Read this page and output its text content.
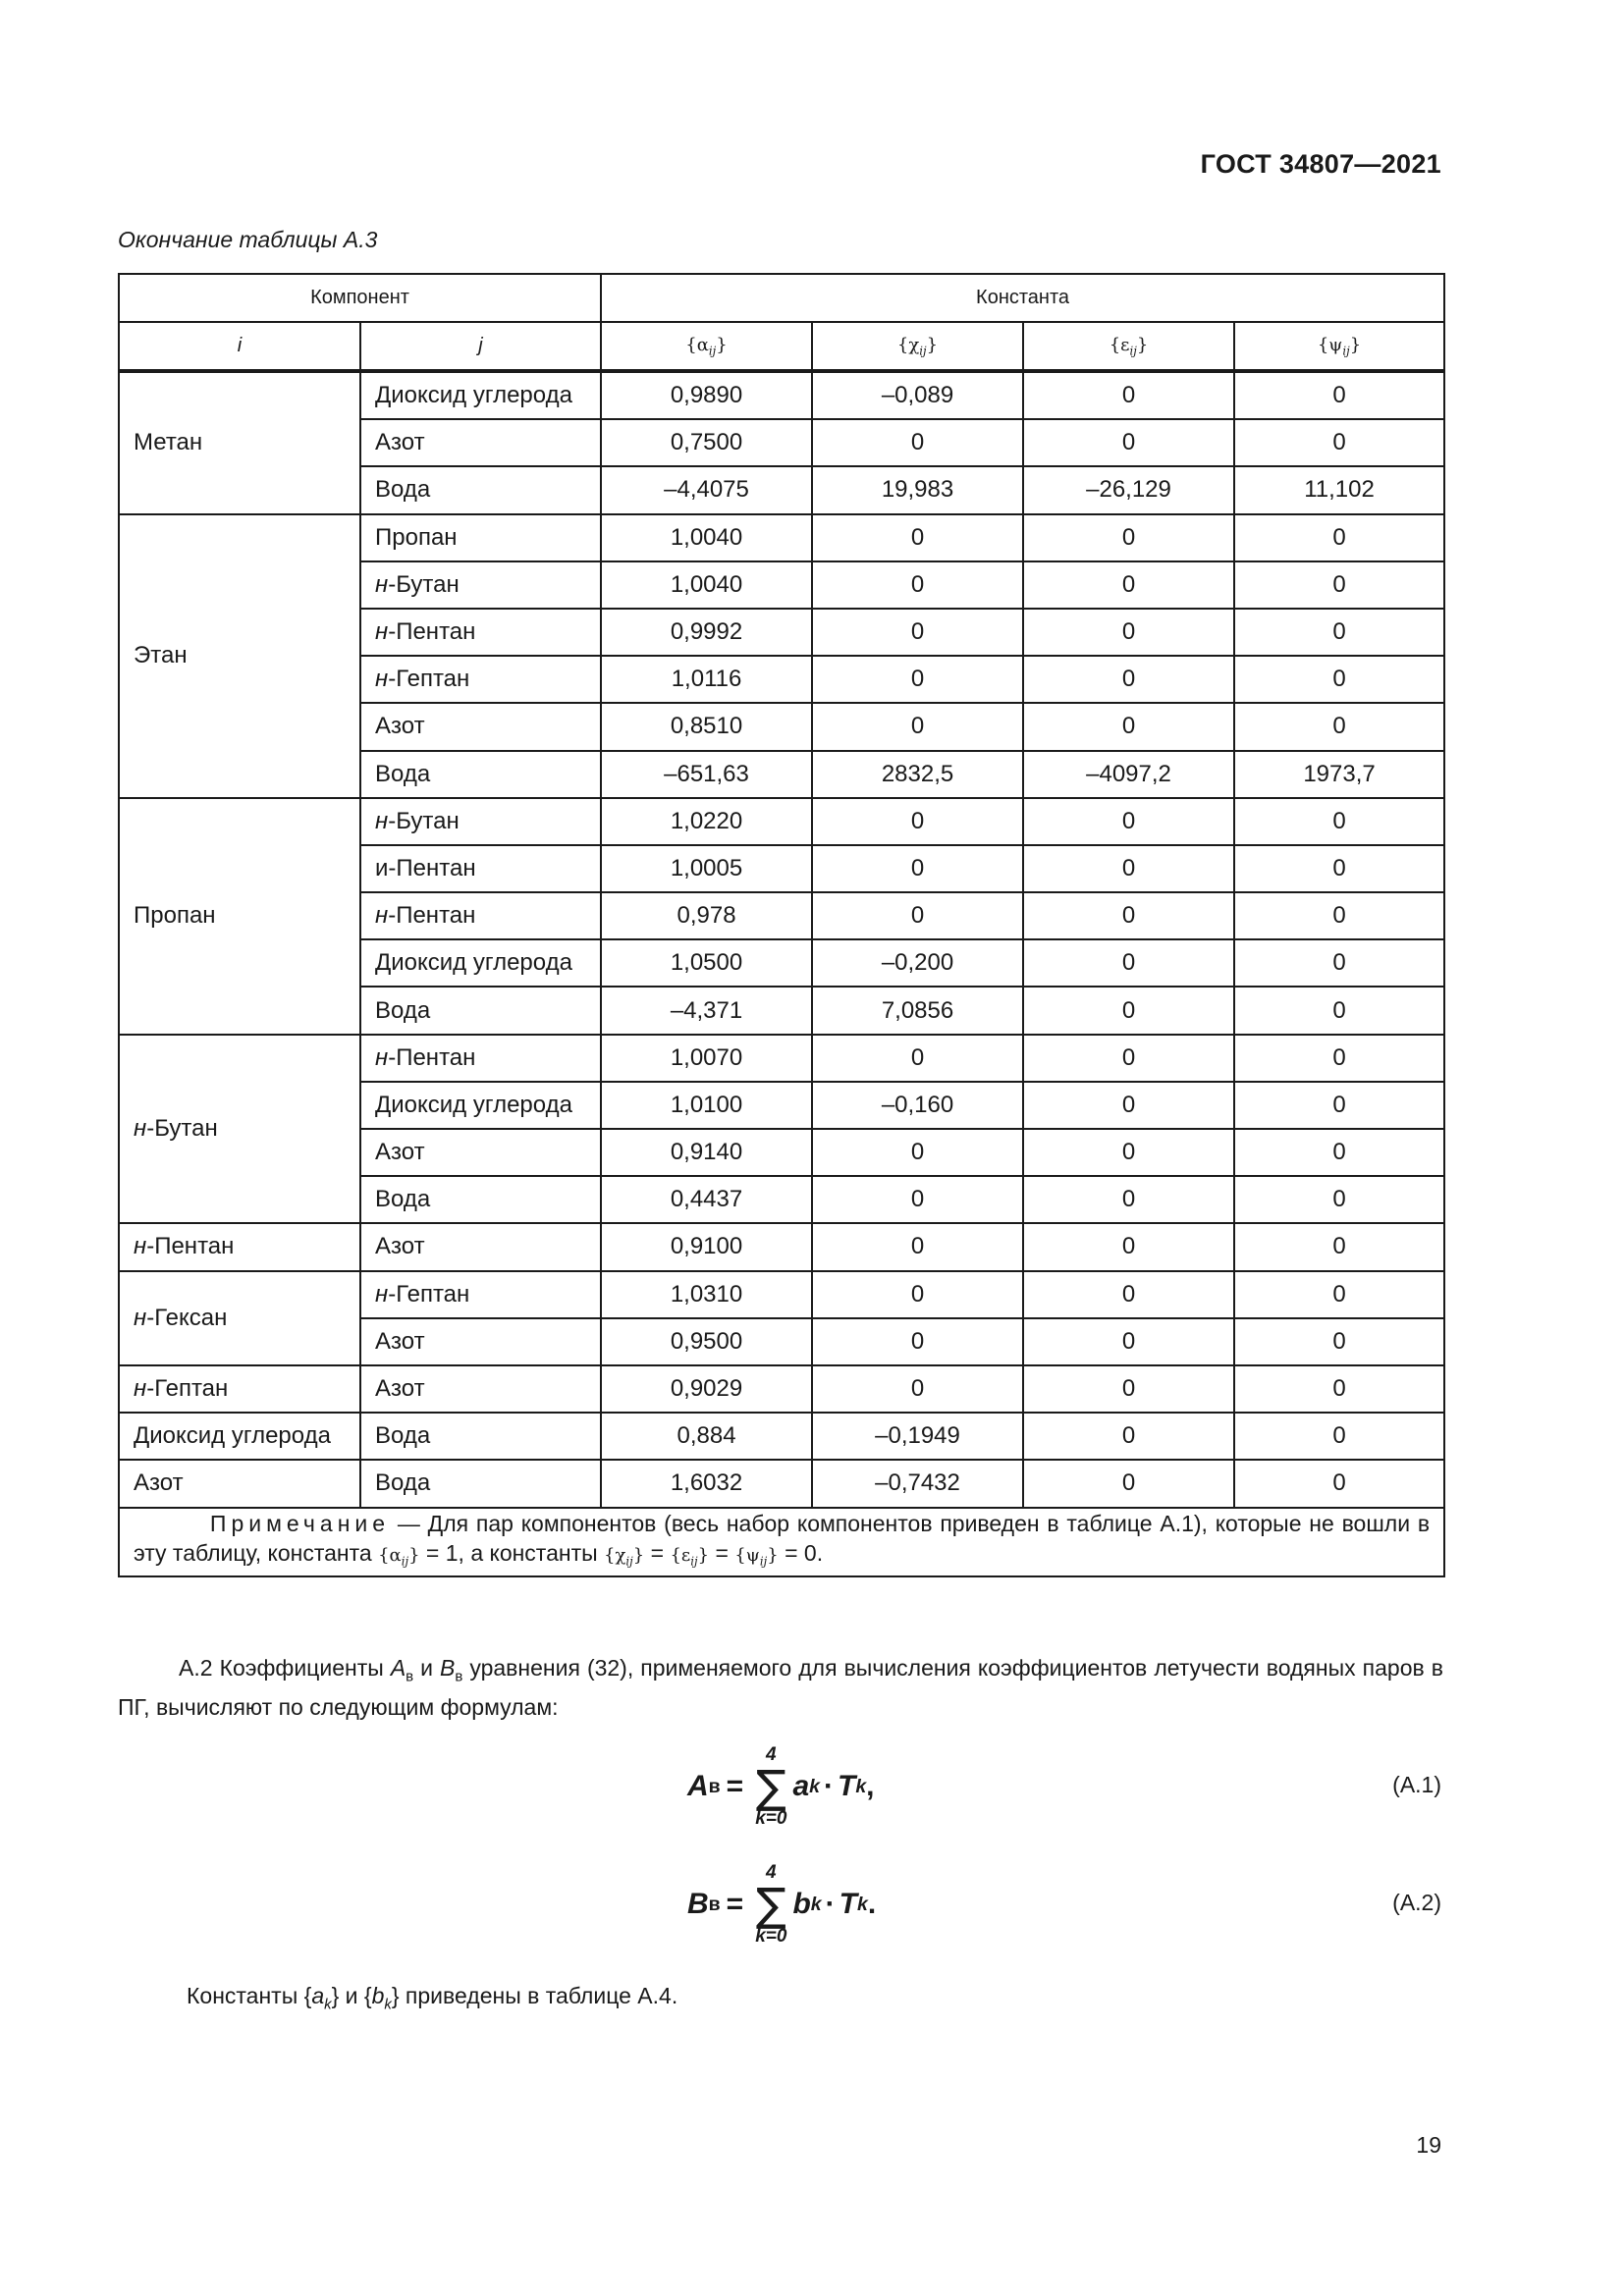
ГОСТ 34807—2021
Окончание таблицы А.3
Компонент		Константа			
i	j	$\{\alpha_{ij}\}$	$\{\chi_{ij}\}$	$\{\varepsilon_{ij}\}$	$\{\psi_{ij}\}$
Метан	Диоксид углерода	0,9890	–0,089	0	0
	Азот	0,7500	0	0	0
	Вода	–4,4075	19,983	–26,129	11,102
Этан	Пропан	1,0040	0	0	0
	н-Бутан	1,0040	0	0	0
	н-Пентан	0,9992	0	0	0
	н-Гептан	1,0116	0	0	0
	Азот	0,8510	0	0	0
	Вода	–651,63	2832,5	–4097,2	1973,7
Пропан	н-Бутан	1,0220	0	0	0
	и-Пентан	1,0005	0	0	0
	н-Пентан	0,978	0	0	0
	Диоксид углерода	1,0500	–0,200	0	0
	Вода	–4,371	7,0856	0	0
н-Бутан	н-Пентан	1,0070	0	0	0
	Диоксид углерода	1,0100	–0,160	0	0
	Азот	0,9140	0	0	0
	Вода	0,4437	0	0	0
н-Пентан	Азот	0,9100	0	0	0
н-Гексан	н-Гептан	1,0310	0	0	0
	Азот	0,9500	0	0	0
н-Гептан	Азот	0,9029	0	0	0
Диоксид углерода	Вода	0,884	–0,1949	0	0
Азот	Вода	1,6032	–0,7432	0	0
Примечание — Для пар компонентов (весь набор компонентов приведен в таблице А.1), которые не вошли в эту таблицу, константа $\{\alpha_{ij}\} = 1$, а константы $\{\chi_{ij}\} = \{\varepsilon_{ij}\} = \{\psi_{ij}\} = 0$.					
А.2 Коэффициенты $A_в$ и $B_в$ уравнения (32), применяемого для вычисления коэффициентов летучести водяных паров в ПГ, вычисляют по следующим формулам:
A в =
4
∑
k=0
a k · T k ,	(А.1)
B в =
4
∑
k=0
b k · T k .	(А.2)
Константы $\{a_k\}$ и $\{b_k\}$ приведены в таблице А.4.
19
